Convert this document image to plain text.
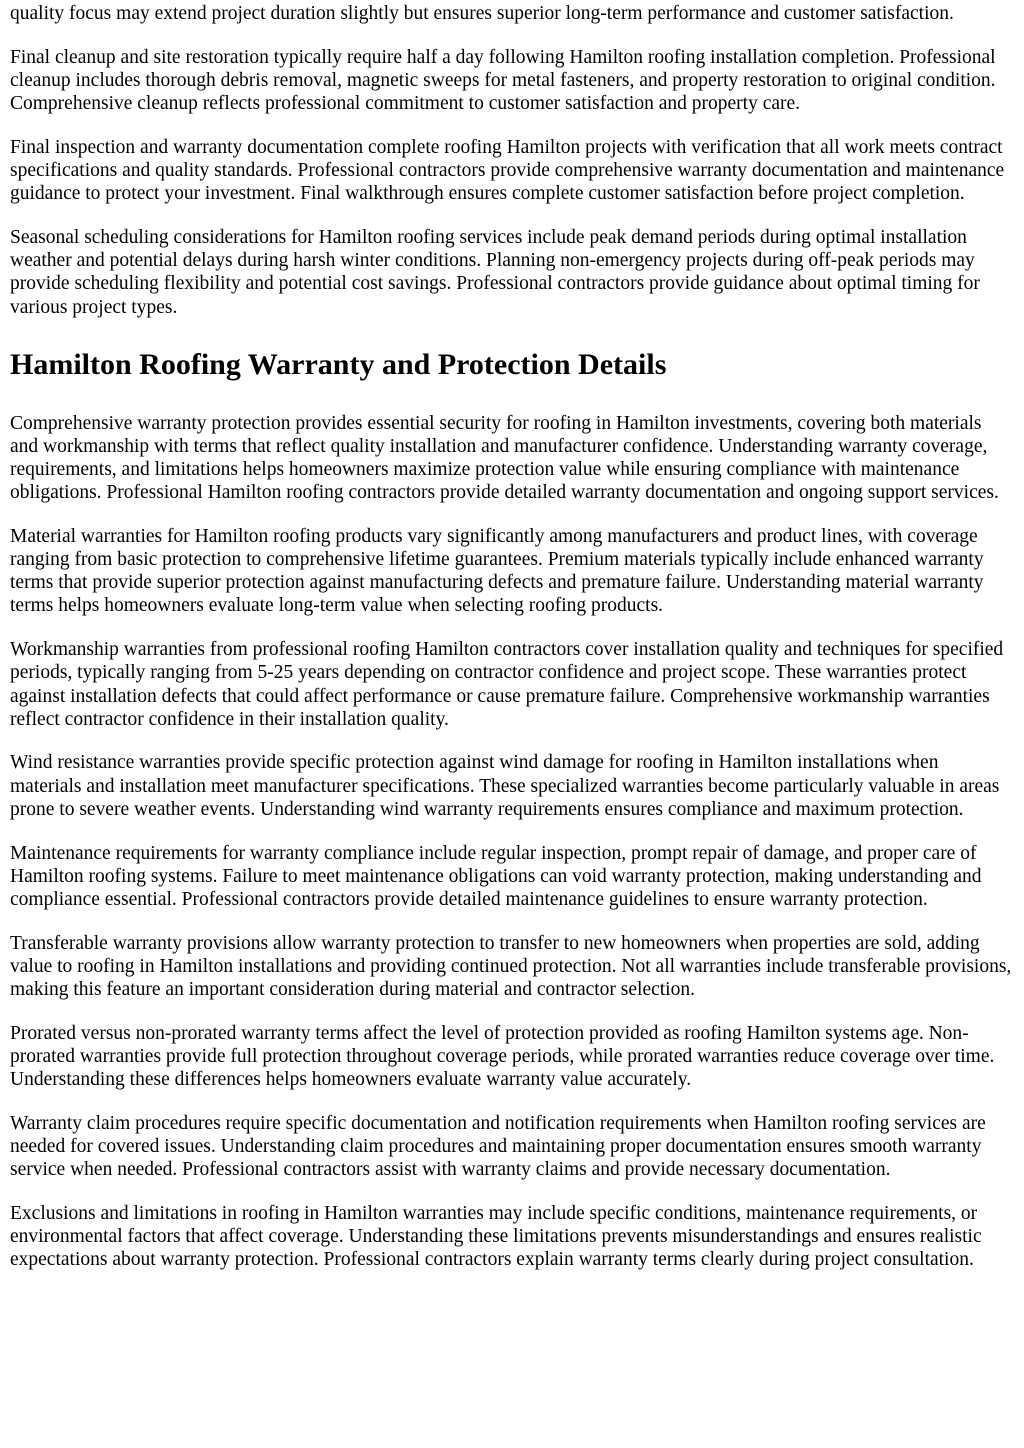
quality focus may extend project duration slightly but ensures superior long-term performance and customer satisfaction.

Final cleanup and site restoration typically require half a day following Hamilton roofing installation completion. Professional cleanup includes thorough debris removal, magnetic sweeps for metal fasteners, and property restoration to original condition. Comprehensive cleanup reflects professional commitment to customer satisfaction and property care.

Final inspection and warranty documentation complete roofing Hamilton projects with verification that all work meets contract specifications and quality standards. Professional contractors provide comprehensive warranty documentation and maintenance guidance to protect your investment. Final walkthrough ensures complete customer satisfaction before project completion.

Seasonal scheduling considerations for Hamilton roofing services include peak demand periods during optimal installation weather and potential delays during harsh winter conditions. Planning non-emergency projects during off-peak periods may provide scheduling flexibility and potential cost savings. Professional contractors provide guidance about optimal timing for various project types.

Hamilton Roofing Warranty and Protection Details

Comprehensive warranty protection provides essential security for roofing in Hamilton investments, covering both materials and workmanship with terms that reflect quality installation and manufacturer confidence. Understanding warranty coverage, requirements, and limitations helps homeowners maximize protection value while ensuring compliance with maintenance obligations. Professional Hamilton roofing contractors provide detailed warranty documentation and ongoing support services.

Material warranties for Hamilton roofing products vary significantly among manufacturers and product lines, with coverage ranging from basic protection to comprehensive lifetime guarantees. Premium materials typically include enhanced warranty terms that provide superior protection against manufacturing defects and premature failure. Understanding material warranty terms helps homeowners evaluate long-term value when selecting roofing products.

Workmanship warranties from professional roofing Hamilton contractors cover installation quality and techniques for specified periods, typically ranging from 5-25 years depending on contractor confidence and project scope. These warranties protect against installation defects that could affect performance or cause premature failure. Comprehensive workmanship warranties reflect contractor confidence in their installation quality.

Wind resistance warranties provide specific protection against wind damage for roofing in Hamilton installations when materials and installation meet manufacturer specifications. These specialized warranties become particularly valuable in areas prone to severe weather events. Understanding wind warranty requirements ensures compliance and maximum protection.

Maintenance requirements for warranty compliance include regular inspection, prompt repair of damage, and proper care of Hamilton roofing systems. Failure to meet maintenance obligations can void warranty protection, making understanding and compliance essential. Professional contractors provide detailed maintenance guidelines to ensure warranty protection.

Transferable warranty provisions allow warranty protection to transfer to new homeowners when properties are sold, adding value to roofing in Hamilton installations and providing continued protection. Not all warranties include transferable provisions, making this feature an important consideration during material and contractor selection.

Prorated versus non-prorated warranty terms affect the level of protection provided as roofing Hamilton systems age. Non-prorated warranties provide full protection throughout coverage periods, while prorated warranties reduce coverage over time. Understanding these differences helps homeowners evaluate warranty value accurately.

Warranty claim procedures require specific documentation and notification requirements when Hamilton roofing services are needed for covered issues. Understanding claim procedures and maintaining proper documentation ensures smooth warranty service when needed. Professional contractors assist with warranty claims and provide necessary documentation.

Exclusions and limitations in roofing in Hamilton warranties may include specific conditions, maintenance requirements, or environmental factors that affect coverage. Understanding these limitations prevents misunderstandings and ensures realistic expectations about warranty protection. Professional contractors explain warranty terms clearly during project consultation.
